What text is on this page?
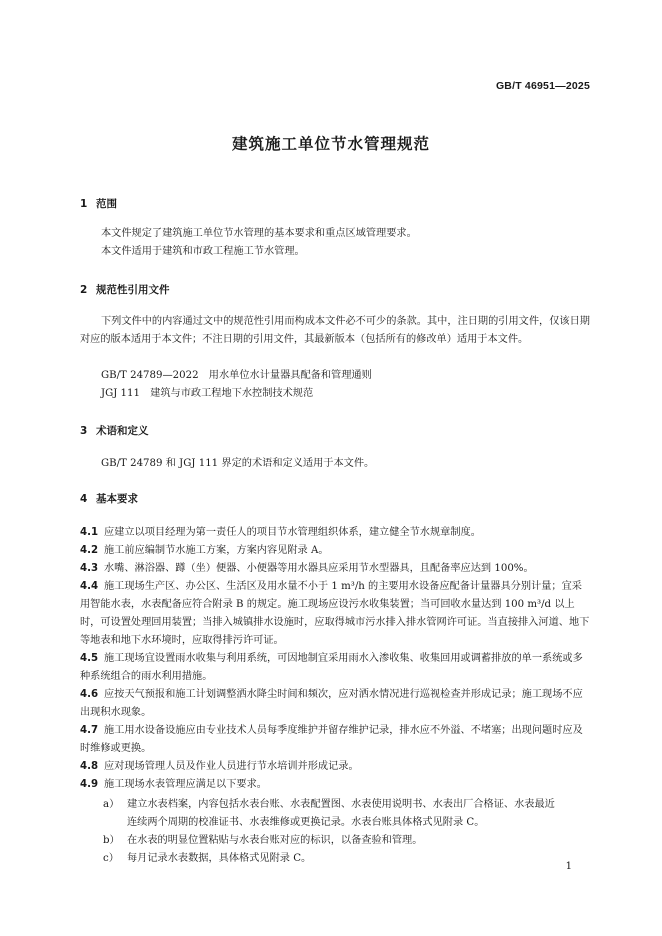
GB/T 46951—2025
建筑施工单位节水管理规范
1 范围
本文件规定了建筑施工单位节水管理的基本要求和重点区域管理要求。
本文件适用于建筑和市政工程施工节水管理。
2 规范性引用文件
下列文件中的内容通过文中的规范性引用而构成本文件必不可少的条款。其中，注日期的引用文件，仅该日期对应的版本适用于本文件；不注日期的引用文件，其最新版本（包括所有的修改单）适用于本文件。
GB/T 24789—2022　用水单位水计量器具配备和管理通则
JGJ 111　建筑与市政工程地下水控制技术规范
3 术语和定义
GB/T 24789 和 JGJ 111 界定的术语和定义适用于本文件。
4 基本要求
4.1 应建立以项目经理为第一责任人的项目节水管理组织体系，建立健全节水规章制度。
4.2 施工前应编制节水施工方案，方案内容见附录 A。
4.3 水嘴、淋浴器、蹲（坐）便器、小便器等用水器具应采用节水型器具，且配备率应达到 100%。
4.4 施工现场生产区、办公区、生活区及用水量不小于 1 m³/h 的主要用水设备应配备计量器具分别计量；宜采用智能水表，水表配备应符合附录 B 的规定。施工现场应设污水收集装置；当可回收水量达到 100 m³/d 以上时，可设置处理回用装置；当排入城镇排水设施时，应取得城市污水排入排水管网许可证。当直接排入河道、地下等地表和地下水环境时，应取得排污许可证。
4.5 施工现场宜设置雨水收集与利用系统，可因地制宜采用雨水入渗收集、收集回用或调蓄排放的单一系统或多种系统组合的雨水利用措施。
4.6 应按天气预报和施工计划调整洒水降尘时间和频次，应对洒水情况进行巡视检查并形成记录；施工现场不应出现积水现象。
4.7 施工用水设备设施应由专业技术人员每季度维护并留存维护记录，排水应不外溢、不堵塞；出现问题时应及时维修或更换。
4.8 应对现场管理人员及作业人员进行节水培训并形成记录。
4.9 施工现场水表管理应满足以下要求。
a） 建立水表档案，内容包括水表台账、水表配置图、水表使用说明书、水表出厂合格证、水表最近
连续两个周期的校准证书、水表维修或更换记录。水表台账具体格式见附录 C。
b） 在水表的明显位置粘贴与水表台账对应的标识，以备查验和管理。
c） 每月记录水表数据，具体格式见附录 C。
1
